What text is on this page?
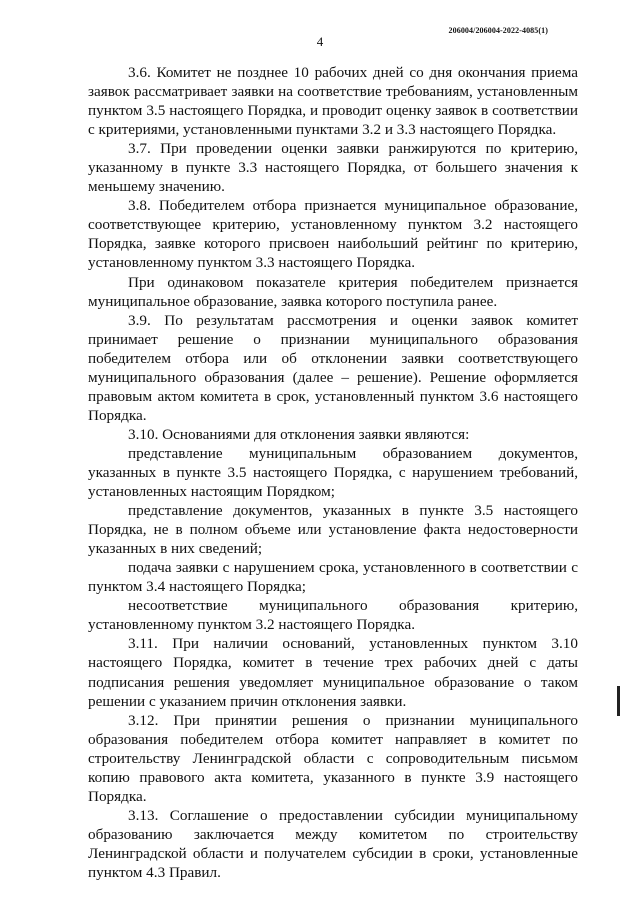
206004/206004-2022-4085(1)
4

3.6. Комитет не позднее 10 рабочих дней со дня окончания приема заявок рассматривает заявки на соответствие требованиям, установленным пунктом 3.5 настоящего Порядка, и проводит оценку заявок в соответствии с критериями, установленными пунктами 3.2 и 3.3 настоящего Порядка.

3.7. При проведении оценки заявки ранжируются по критерию, указанному в пункте 3.3 настоящего Порядка, от большего значения к меньшему значению.

3.8. Победителем отбора признается муниципальное образование, соответствующее критерию, установленному пунктом 3.2 настоящего Порядка, заявке которого присвоен наибольший рейтинг по критерию, установленному пунктом 3.3 настоящего Порядка.

При одинаковом показателе критерия победителем признается муниципальное образование, заявка которого поступила ранее.

3.9. По результатам рассмотрения и оценки заявок комитет принимает решение о признании муниципального образования победителем отбора или об отклонении заявки соответствующего муниципального образования (далее – решение). Решение оформляется правовым актом комитета в срок, установленный пунктом 3.6 настоящего Порядка.

3.10. Основаниями для отклонения заявки являются:

представление муниципальным образованием документов, указанных в пункте 3.5 настоящего Порядка, с нарушением требований, установленных настоящим Порядком;

представление документов, указанных в пункте 3.5 настоящего Порядка, не в полном объеме или установление факта недостоверности указанных в них сведений;

подача заявки с нарушением срока, установленного в соответствии с пунктом 3.4 настоящего Порядка;

несоответствие муниципального образования критерию, установленному пунктом 3.2 настоящего Порядка.

3.11. При наличии оснований, установленных пунктом 3.10 настоящего Порядка, комитет в течение трех рабочих дней с даты подписания решения уведомляет муниципальное образование о таком решении с указанием причин отклонения заявки.

3.12. При принятии решения о признании муниципального образования победителем отбора комитет направляет в комитет по строительству Ленинградской области с сопроводительным письмом копию правового акта комитета, указанного в пункте 3.9 настоящего Порядка.

3.13. Соглашение о предоставлении субсидии муниципальному образованию заключается между комитетом по строительству Ленинградской области и получателем субсидии в сроки, установленные пунктом 4.3 Правил.
